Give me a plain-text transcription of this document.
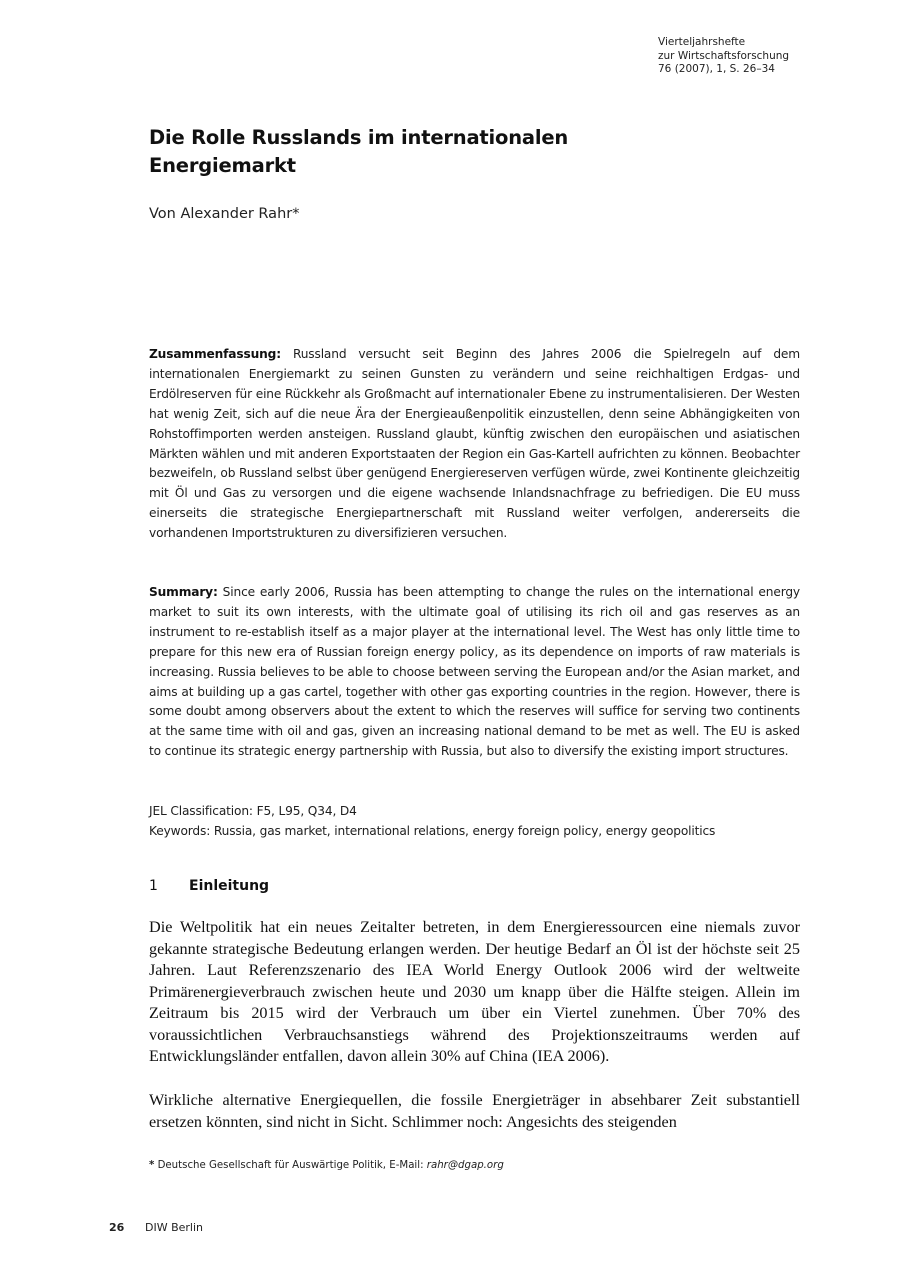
Vierteljahrshefte
zur Wirtschaftsforschung
76 (2007), 1, S. 26–34
Die Rolle Russlands im internationalen Energiemarkt
Von Alexander Rahr*

Zusammenfassung: Russland versucht seit Beginn des Jahres 2006 die Spielregeln auf dem internationalen Energiemarkt zu seinen Gunsten zu verändern und seine reichhaltigen Erdgas- und Erdölreserven für eine Rückkehr als Großmacht auf internationaler Ebene zu instrumentalisieren. Der Westen hat wenig Zeit, sich auf die neue Ära der Energieaußenpolitik einzustellen, denn seine Abhängigkeiten von Rohstoffimporten werden ansteigen. Russland glaubt, künftig zwischen den europäischen und asiatischen Märkten wählen und mit anderen Exportstaaten der Region ein Gas-Kartell aufrichten zu können. Beobachter bezweifeln, ob Russland selbst über genügend Energiereserven verfügen würde, zwei Kontinente gleichzeitig mit Öl und Gas zu versorgen und die eigene wachsende Inlandsnachfrage zu befriedigen. Die EU muss einerseits die strategische Energiepartnerschaft mit Russland weiter verfolgen, andererseits die vorhandenen Importstrukturen zu diversifizieren versuchen.

Summary: Since early 2006, Russia has been attempting to change the rules on the international energy market to suit its own interests, with the ultimate goal of utilising its rich oil and gas reserves as an instrument to re-establish itself as a major player at the international level. The West has only little time to prepare for this new era of Russian foreign energy policy, as its dependence on imports of raw materials is increasing. Russia believes to be able to choose between serving the European and/or the Asian market, and aims at building up a gas cartel, together with other gas exporting countries in the region. However, there is some doubt among observers about the extent to which the reserves will suffice for serving two continents at the same time with oil and gas, given an increasing national demand to be met as well. The EU is asked to continue its strategic energy partnership with Russia, but also to diversify the existing import structures.

JEL Classification: F5, L95, Q34, D4
Keywords: Russia, gas market, international relations, energy foreign policy, energy geopolitics
1 Einleitung

Die Weltpolitik hat ein neues Zeitalter betreten, in dem Energieressourcen eine niemals zuvor gekannte strategische Bedeutung erlangen werden. Der heutige Bedarf an Öl ist der höchste seit 25 Jahren. Laut Referenzszenario des IEA World Energy Outlook 2006 wird der weltweite Primärenergieverbrauch zwischen heute und 2030 um knapp über die Hälfte steigen. Allein im Zeitraum bis 2015 wird der Verbrauch um über ein Viertel zunehmen. Über 70% des voraussichtlichen Verbrauchsanstiegs während des Projektionszeitraums werden auf Entwicklungsländer entfallen, davon allein 30% auf China (IEA 2006).

Wirkliche alternative Energiequellen, die fossile Energieträger in absehbarer Zeit substantiell ersetzen könnten, sind nicht in Sicht. Schlimmer noch: Angesichts des steigenden

* Deutsche Gesellschaft für Auswärtige Politik, E-Mail: rahr@dgap.org
26 DIW Berlin
